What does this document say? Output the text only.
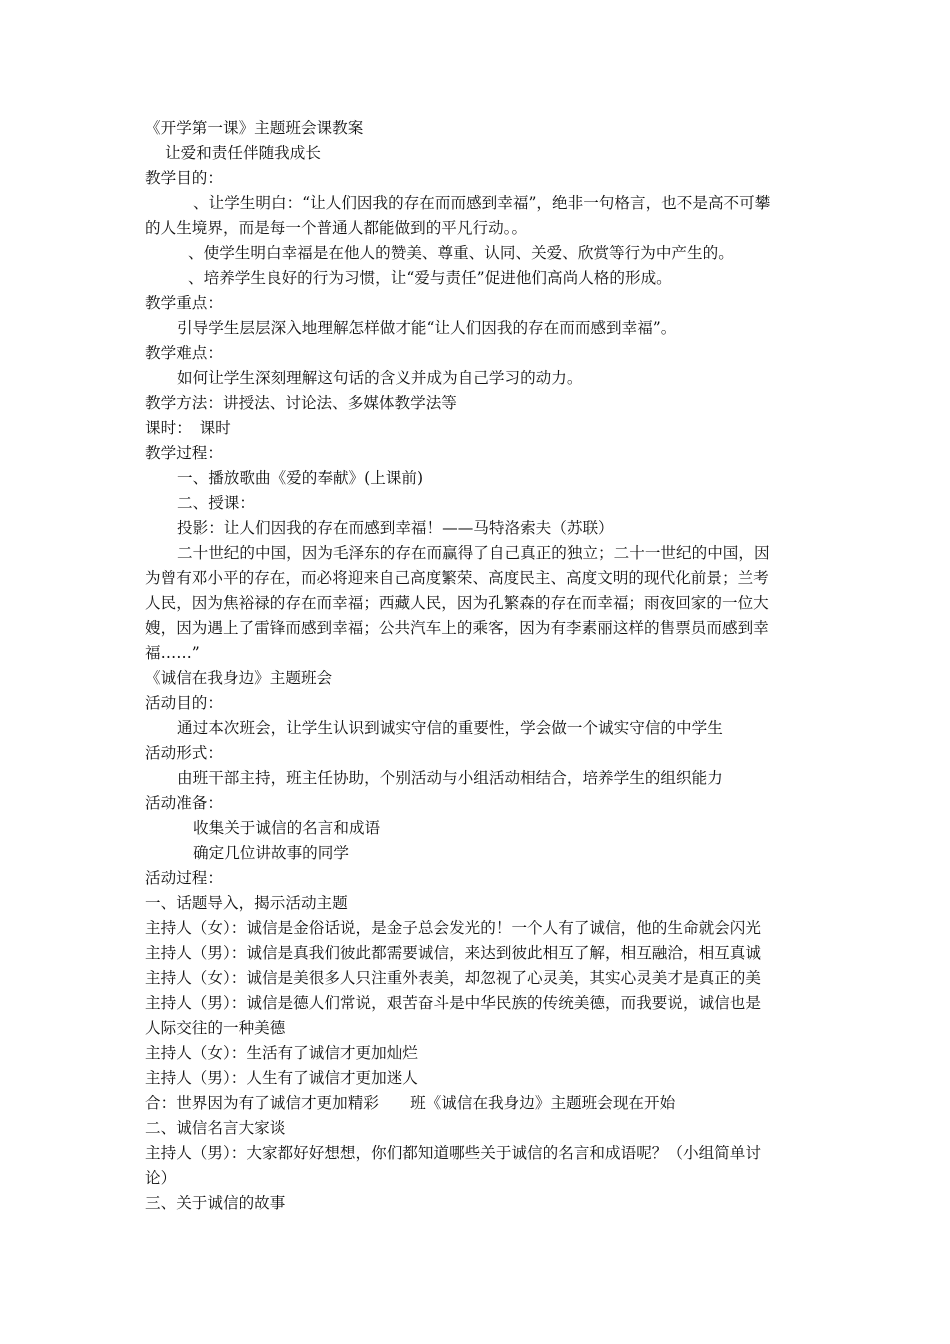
《开学第一课》主题班会课教案
让爱和责任伴随我成长
教学目的：
、让学生明白：“让人们因我的存在而而感到幸福”，绝非一句格言，也不是高不可攀
的人生境界，而是每一个普通人都能做到的平凡行动。。
、使学生明白幸福是在他人的赞美、尊重、认同、关爱、欣赏等行为中产生的。
、培养学生良好的行为习惯，让“爱与责任”促进他们高尚人格的形成。
教学重点：
引导学生层层深入地理解怎样做才能“让人们因我的存在而而感到幸福”。
教学难点：
如何让学生深刻理解这句话的含义并成为自己学习的动力。
教学方法：讲授法、讨论法、多媒体教学法等
课时：　课时
教学过程：
一、播放歌曲《爱的奉献》(上课前)
二、授课：
投影：让人们因我的存在而感到幸福！——马特洛索夫（苏联）
二十世纪的中国，因为毛泽东的存在而赢得了自己真正的独立；二十一世纪的中国，因
为曾有邓小平的存在，而必将迎来自己高度繁荣、高度民主、高度文明的现代化前景；兰考
人民，因为焦裕禄的存在而幸福；西藏人民，因为孔繁森的存在而幸福；雨夜回家的一位大
嫂，因为遇上了雷锋而感到幸福；公共汽车上的乘客，因为有李素丽这样的售票员而感到幸
福……”
《诚信在我身边》主题班会
活动目的：
通过本次班会，让学生认识到诚实守信的重要性，学会做一个诚实守信的中学生
活动形式：
由班干部主持，班主任协助，个别活动与小组活动相结合，培养学生的组织能力
活动准备：
收集关于诚信的名言和成语
确定几位讲故事的同学
活动过程：
一、话题导入，揭示活动主题
主持人（女）：诚信是金俗话说，是金子总会发光的！一个人有了诚信，他的生命就会闪光
主持人（男）：诚信是真我们彼此都需要诚信，来达到彼此相互了解，相互融洽，相互真诚
主持人（女）：诚信是美很多人只注重外表美，却忽视了心灵美，其实心灵美才是真正的美
主持人（男）：诚信是德人们常说，艰苦奋斗是中华民族的传统美德，而我要说，诚信也是
人际交往的一种美德
主持人（女）：生活有了诚信才更加灿烂
主持人（男）：人生有了诚信才更加迷人
合：世界因为有了诚信才更加精彩　　班《诚信在我身边》主题班会现在开始
二、诚信名言大家谈
主持人（男）：大家都好好想想，你们都知道哪些关于诚信的名言和成语呢？（小组简单讨
论）
三、关于诚信的故事
